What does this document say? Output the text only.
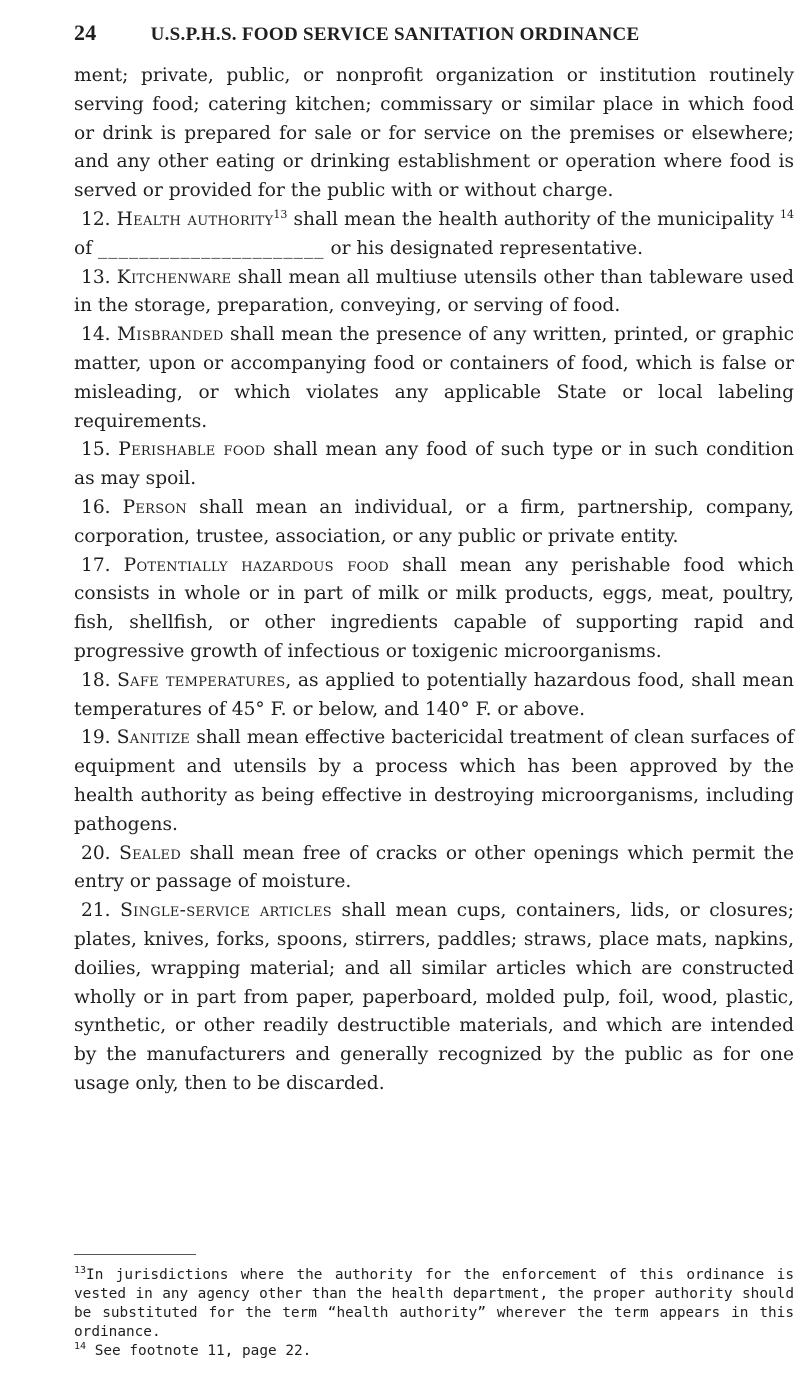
24	U.S.P.H.S. FOOD SERVICE SANITATION ORDINANCE

ment; private, public, or nonprofit organization or institution routinely serving food; catering kitchen; commissary or similar place in which food or drink is prepared for sale or for service on the premises or elsewhere; and any other eating or drinking establishment or operation where food is served or provided for the public with or without charge.

12. Health authority$^{13}$ shall mean the health authority of the municipality $^{14}$ of ______________________ or his designated representative.

13. Kitchenware shall mean all multiuse utensils other than tableware used in the storage, preparation, conveying, or serving of food.

14. Misbranded shall mean the presence of any written, printed, or graphic matter, upon or accompanying food or containers of food, which is false or misleading, or which violates any applicable State or local labeling requirements.

15. Perishable food shall mean any food of such type or in such condition as may spoil.

16. Person shall mean an individual, or a firm, partnership, company, corporation, trustee, association, or any public or private entity.

17. Potentially hazardous food shall mean any perishable food which consists in whole or in part of milk or milk products, eggs, meat, poultry, fish, shellfish, or other ingredients capable of supporting rapid and progressive growth of infectious or toxigenic microorganisms.

18. Safe temperatures, as applied to potentially hazardous food, shall mean temperatures of 45° F. or below, and 140° F. or above.

19. Sanitize shall mean effective bactericidal treatment of clean surfaces of equipment and utensils by a process which has been approved by the health authority as being effective in destroying microorganisms, including pathogens.

20. Sealed shall mean free of cracks or other openings which permit the entry or passage of moisture.

21. Single-service articles shall mean cups, containers, lids, or closures; plates, knives, forks, spoons, stirrers, paddles; straws, place mats, napkins, doilies, wrapping material; and all similar articles which are constructed wholly or in part from paper, paperboard, molded pulp, foil, wood, plastic, synthetic, or other readily destructible materials, and which are intended by the manufacturers and generally recognized by the public as for one usage only, then to be discarded.

$^{13}$In jurisdictions where the authority for the enforcement of this ordinance is vested in any agency other than the health department, the proper authority should be substituted for the term “health authority” wherever the term appears in this ordinance.

$^{14}$ See footnote 11, page 22.
